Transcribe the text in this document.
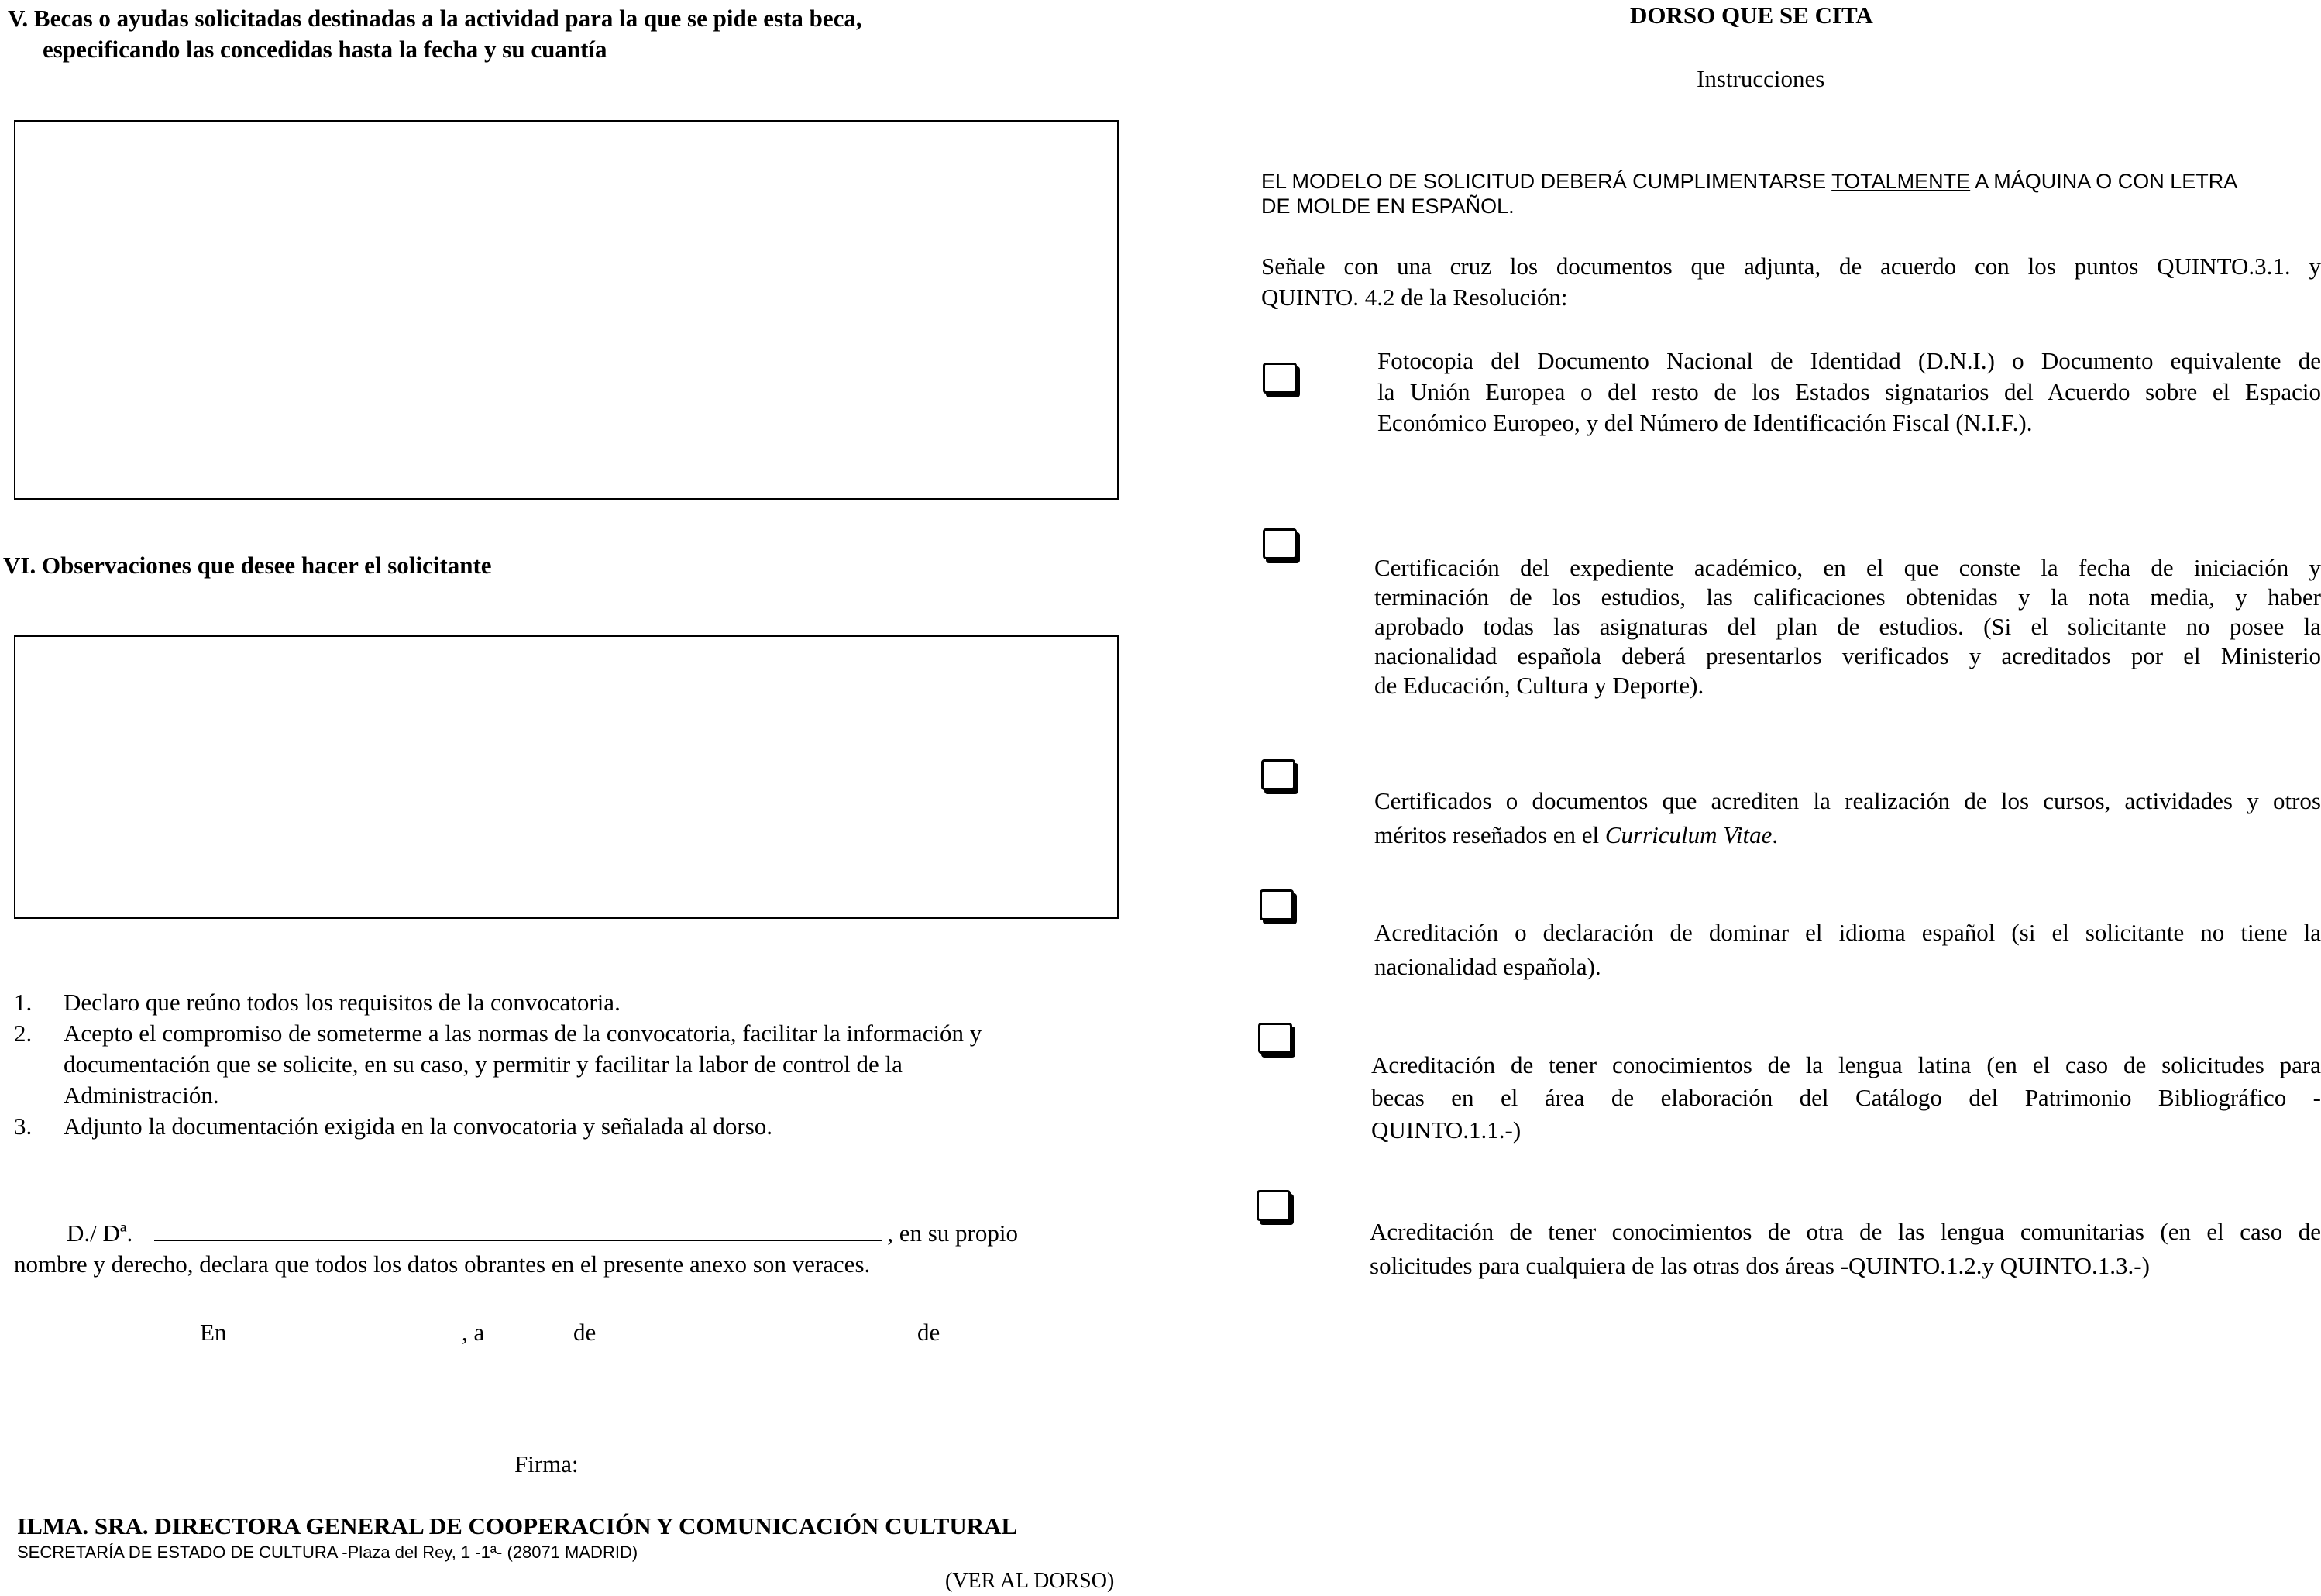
V. Becas o ayudas solicitadas destinadas a la actividad para la que se pide esta beca,
especificando las concedidas hasta la fecha y su cuantía
VI. Observaciones que desee hacer el solicitante
1. Declaro que reúno todos los requisitos de la convocatoria.
2. Acepto el compromiso de someterme a las normas de la convocatoria, facilitar la información y
documentación que se solicite, en su caso, y permitir y facilitar la labor de control de la
Administración.
3. Adjunto la documentación exigida en la convocatoria y señalada al dorso.
D./ Dª.	, en su propio
nombre y derecho, declara que todos los datos obrantes en el presente anexo son veraces.
En	, a	de	de
Firma:
ILMA. SRA. DIRECTORA GENERAL DE COOPERACIÓN Y COMUNICACIÓN CULTURAL
SECRETARÍA DE ESTADO DE CULTURA -Plaza del Rey, 1 -1ª- (28071 MADRID)
(VER AL DORSO)
DORSO QUE SE CITA
Instrucciones
EL MODELO DE SOLICITUD DEBERÁ CUMPLIMENTARSE TOTALMENTE A MÁQUINA O CON LETRA
DE MOLDE EN ESPAÑOL.
Señale con una cruz los documentos que adjunta, de acuerdo con los puntos QUINTO.3.1. y
QUINTO. 4.2 de la Resolución:
Fotocopia del Documento Nacional de Identidad (D.N.I.) o Documento equivalente de
la Unión Europea o del resto de los Estados signatarios del Acuerdo sobre el Espacio
Económico Europeo, y del Número de Identificación Fiscal (N.I.F.).
Certificación del expediente académico, en el que conste la fecha de iniciación y
terminación de los estudios, las calificaciones obtenidas y la nota media, y haber
aprobado todas las asignaturas del plan de estudios. (Si el solicitante no posee la
nacionalidad española deberá presentarlos verificados y acreditados por el Ministerio
de Educación, Cultura y Deporte).
Certificados o documentos que acrediten la realización de los cursos, actividades y otros
méritos reseñados en el Curriculum Vitae.
Acreditación o declaración de dominar el idioma español (si el solicitante no tiene la
nacionalidad española).
Acreditación de tener conocimientos de la lengua latina (en el caso de solicitudes para
becas en el área de elaboración del Catálogo del Patrimonio Bibliográfico -
QUINTO.1.1.-)
Acreditación de tener conocimientos de otra de las lengua comunitarias (en el caso de
solicitudes para cualquiera de las otras dos áreas -QUINTO.1.2.y QUINTO.1.3.-)
